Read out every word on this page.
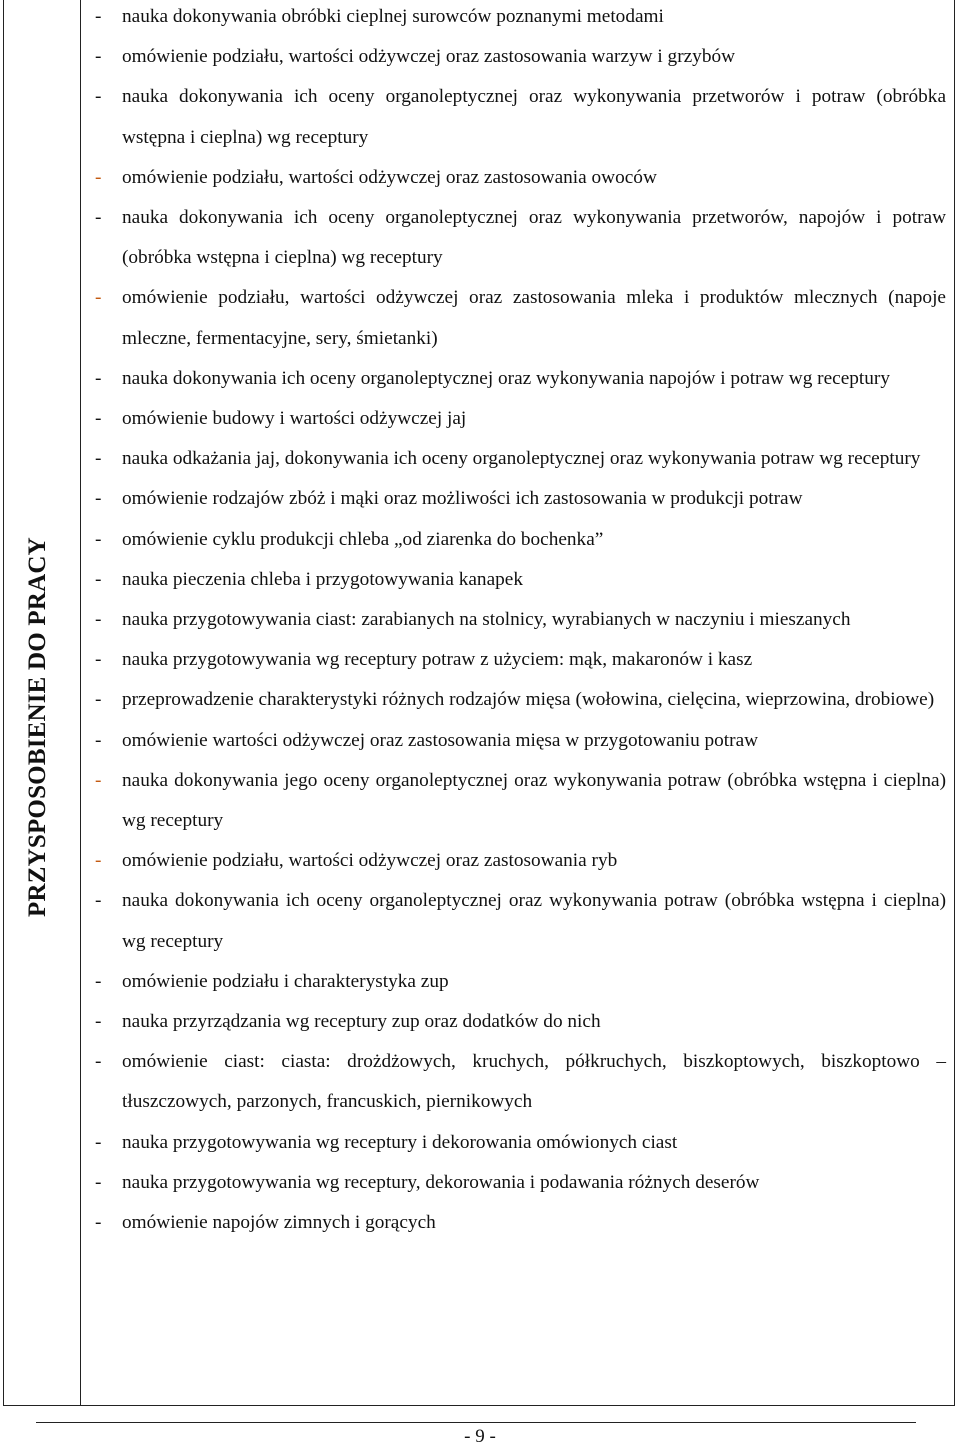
PRZYSPOSOBIENIE DO PRACY
- nauka dokonywania obróbki cieplnej surowców poznanymi metodami
- omówienie podziału, wartości odżywczej oraz zastosowania warzyw i grzybów
- nauka dokonywania ich oceny organoleptycznej oraz wykonywania przetworów i potraw (obróbka wstępna i cieplna) wg receptury
- omówienie podziału, wartości odżywczej oraz zastosowania owoców
- nauka dokonywania ich oceny organoleptycznej oraz wykonywania przetworów, napojów i potraw (obróbka wstępna i cieplna) wg receptury
- omówienie podziału, wartości odżywczej oraz zastosowania mleka i produktów mlecznych (napoje mleczne, fermentacyjne, sery, śmietanki)
- nauka dokonywania ich oceny organoleptycznej oraz wykonywania napojów i potraw wg receptury
- omówienie budowy i wartości odżywczej jaj
- nauka odkażania jaj, dokonywania ich oceny organoleptycznej oraz wykonywania potraw wg receptury
- omówienie rodzajów zbóż i mąki oraz możliwości ich zastosowania w produkcji potraw
- omówienie cyklu produkcji chleba „od ziarenka do bochenka”
- nauka pieczenia chleba i przygotowywania kanapek
- nauka przygotowywania ciast: zarabianych na stolnicy, wyrabianych w naczyniu i mieszanych
- nauka przygotowywania wg receptury potraw z użyciem: mąk, makaronów i kasz
- przeprowadzenie charakterystyki różnych rodzajów mięsa (wołowina, cielęcina, wieprzowina, drobiowe)
- omówienie wartości odżywczej oraz zastosowania mięsa w przygotowaniu potraw
- nauka dokonywania jego oceny organoleptycznej oraz wykonywania potraw (obróbka wstępna i cieplna) wg receptury
- omówienie podziału, wartości odżywczej oraz zastosowania ryb
- nauka dokonywania ich oceny organoleptycznej oraz wykonywania potraw (obróbka wstępna i cieplna) wg receptury
- omówienie podziału i charakterystyka zup
- nauka przyrządzania wg receptury zup oraz dodatków do nich
- omówienie ciast: ciasta: drożdżowych, kruchych, półkruchych, biszkoptowych, biszkoptowo – tłuszczowych, parzonych, francuskich, piernikowych
- nauka przygotowywania wg receptury i dekorowania omówionych ciast
- nauka przygotowywania wg receptury, dekorowania i podawania różnych deserów
- omówienie napojów zimnych i gorących
- 9 -
